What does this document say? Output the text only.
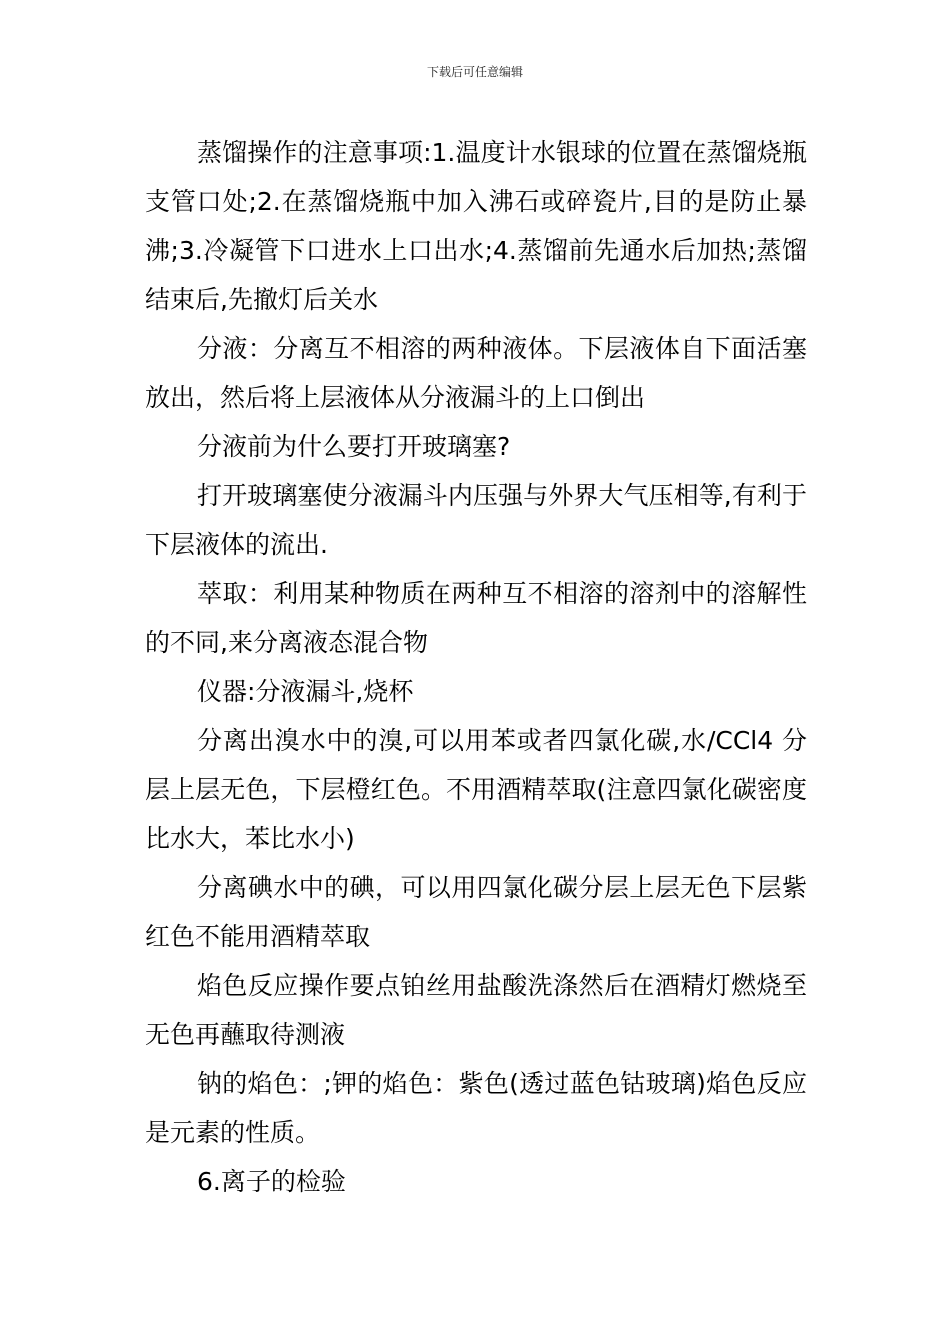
下载后可任意编辑

蒸馏操作的注意事项:1.温度计水银球的位置在蒸馏烧瓶支管口处;2.在蒸馏烧瓶中加入沸石或碎瓷片,目的是防止暴沸;3.冷凝管下口进水上口出水;4.蒸馏前先通水后加热;蒸馏结束后,先撤灯后关水

分液：分离互不相溶的两种液体。下层液体自下面活塞放出，然后将上层液体从分液漏斗的上口倒出

分液前为什么要打开玻璃塞?

打开玻璃塞使分液漏斗内压强与外界大气压相等,有利于下层液体的流出.

萃取：利用某种物质在两种互不相溶的溶剂中的溶解性的不同,来分离液态混合物

仪器:分液漏斗,烧杯

分离出溴水中的溴,可以用苯或者四氯化碳,水/CCl4 分层上层无色，下层橙红色。不用酒精萃取(注意四氯化碳密度比水大，苯比水小)

分离碘水中的碘，可以用四氯化碳分层上层无色下层紫红色不能用酒精萃取

焰色反应操作要点铂丝用盐酸洗涤然后在酒精灯燃烧至无色再蘸取待测液

钠的焰色：;钾的焰色：紫色(透过蓝色钴玻璃)焰色反应是元素的性质。

6.离子的检验
